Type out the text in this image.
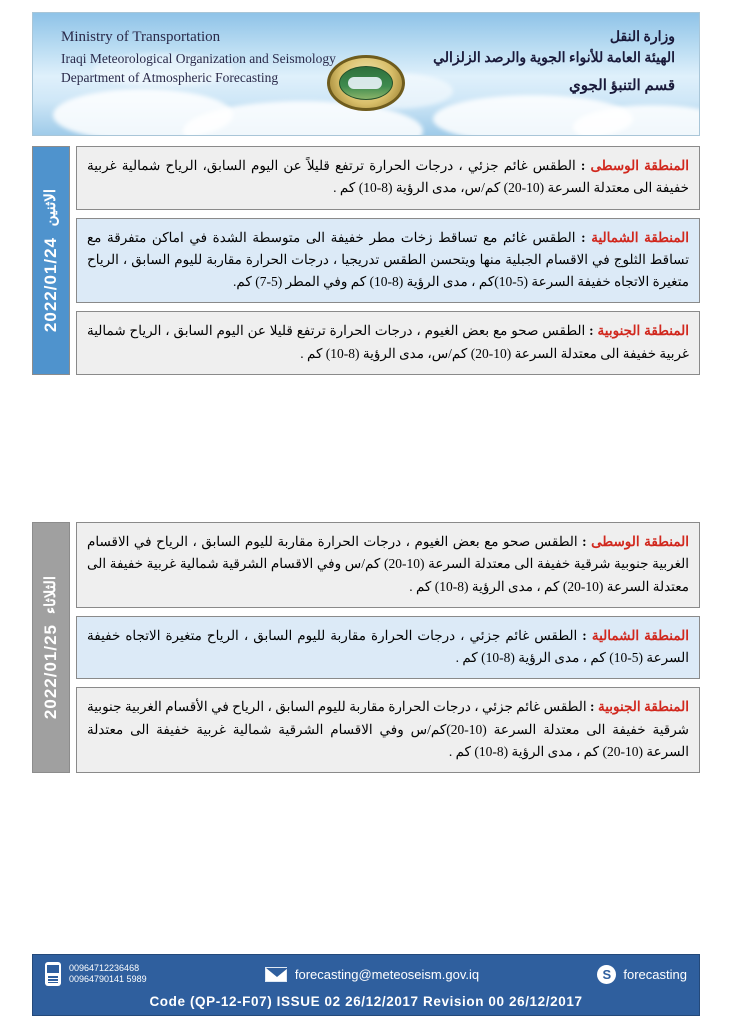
Ministry of Transportation
Iraqi Meteorological Organization and Seismology
Department of Atmospheric Forecasting
وزارة النقل
الهيئة العامة للأنواء الجوية والرصد الزلزالي
قسم التنبؤ الجوي
المنطقة الوسطى : الطقس غائم جزئي ، درجات الحرارة ترتفع قليلاً عن اليوم السابق، الرياح شمالية غربية خفيفة الى معتدلة السرعة (10-20) كم/س، مدى الرؤية (8-10) كم .
المنطقة الشمالية : الطقس غائم مع تساقط زخات مطر خفيفة الى متوسطة الشدة في اماكن متفرقة مع تساقط الثلوج في الاقسام الجبلية منها ويتحسن الطقس تدريجيا ، درجات الحرارة مقاربة لليوم السابق ، الرياح متغيرة الاتجاه خفيفة السرعة (5-10)كم ، مدى الرؤية (8-10) كم وفي المطر (5-7) كم.
المنطقة الجنوبية : الطقس صحو مع بعض الغيوم ، درجات الحرارة ترتفع قليلا عن اليوم السابق ، الرياح شمالية غربية خفيفة الى معتدلة السرعة (10-20) كم/س، مدى الرؤية (8-10) كم .
الاثنين
2022/01/24
المنطقة الوسطى : الطقس صحو مع بعض الغيوم ، درجات الحرارة مقاربة لليوم السابق ، الرياح في الاقسام الغربية جنوبية شرقية خفيفة الى معتدلة السرعة (10-20) كم/س وفي الاقسام الشرقية شمالية غربية خفيفة الى معتدلة السرعة (10-20) كم ، مدى الرؤية (8-10) كم .
المنطقة الشمالية : الطقس غائم جزئي ، درجات الحرارة مقاربة لليوم السابق ، الرياح متغيرة الاتجاه خفيفة السرعة (5-10) كم ، مدى الرؤية (8-10) كم .
المنطقة الجنوبية : الطقس غائم جزئي ، درجات الحرارة مقاربة لليوم السابق ، الرياح في الأقسام الغربية جنوبية شرقية خفيفة الى معتدلة السرعة (10-20)كم/س وفي الاقسام الشرقية شمالية غربية خفيفة الى معتدلة السرعة (10-20) كم ، مدى الرؤية (8-10) كم .
الثلاثاء
2022/01/25
00964712236468
00964790141 5989	forecasting@meteoseism.gov.iq	S forecasting
Code (QP-12-F07) ISSUE 02 26/12/2017 Revision 00 26/12/2017
